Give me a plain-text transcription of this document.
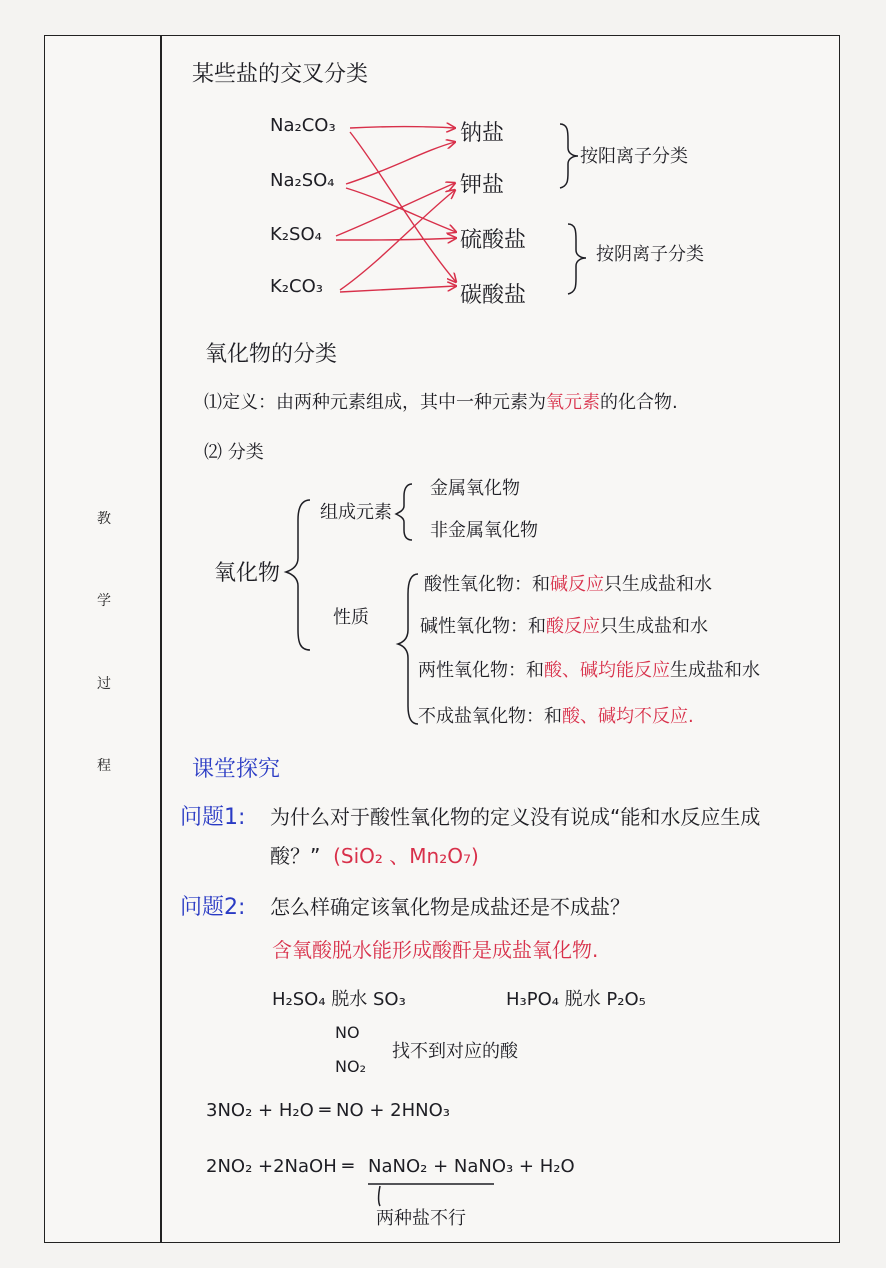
教
学
过
程
某些盐的交叉分类
Na₂CO₃
Na₂SO₄
K₂SO₄
K₂CO₃
钠盐
钾盐
硫酸盐
碳酸盐
按阳离子分类
按阴离子分类
氧化物的分类
⑴定义：由两种元素组成，其中一种元素为氧元素的化合物.
⑵ 分类
氧化物
组成元素
金属氧化物
非金属氧化物
性质
酸性氧化物：和碱反应只生成盐和水
碱性氧化物：和酸反应只生成盐和水
两性氧化物：和酸、碱均能反应生成盐和水
不成盐氧化物：和酸、碱均不反应.
课堂探究
问题1: 为什么对于酸性氧化物的定义没有说成“能和水反应生成
酸？” (SiO₂ 、Mn₂O₇)
问题2: 怎么样确定该氧化物是成盐还是不成盐？
含氧酸脱水能形成酸酐是成盐氧化物.
H₂SO₄ 脱水 SO₃	H₃PO₄ 脱水 P₂O₅
NO
NO₂
找不到对应的酸
3NO₂ + H₂O ═ NO + 2HNO₃
2NO₂ +2NaOH ═ NaNO₂ + NaNO₃ + H₂O
两种盐不行
